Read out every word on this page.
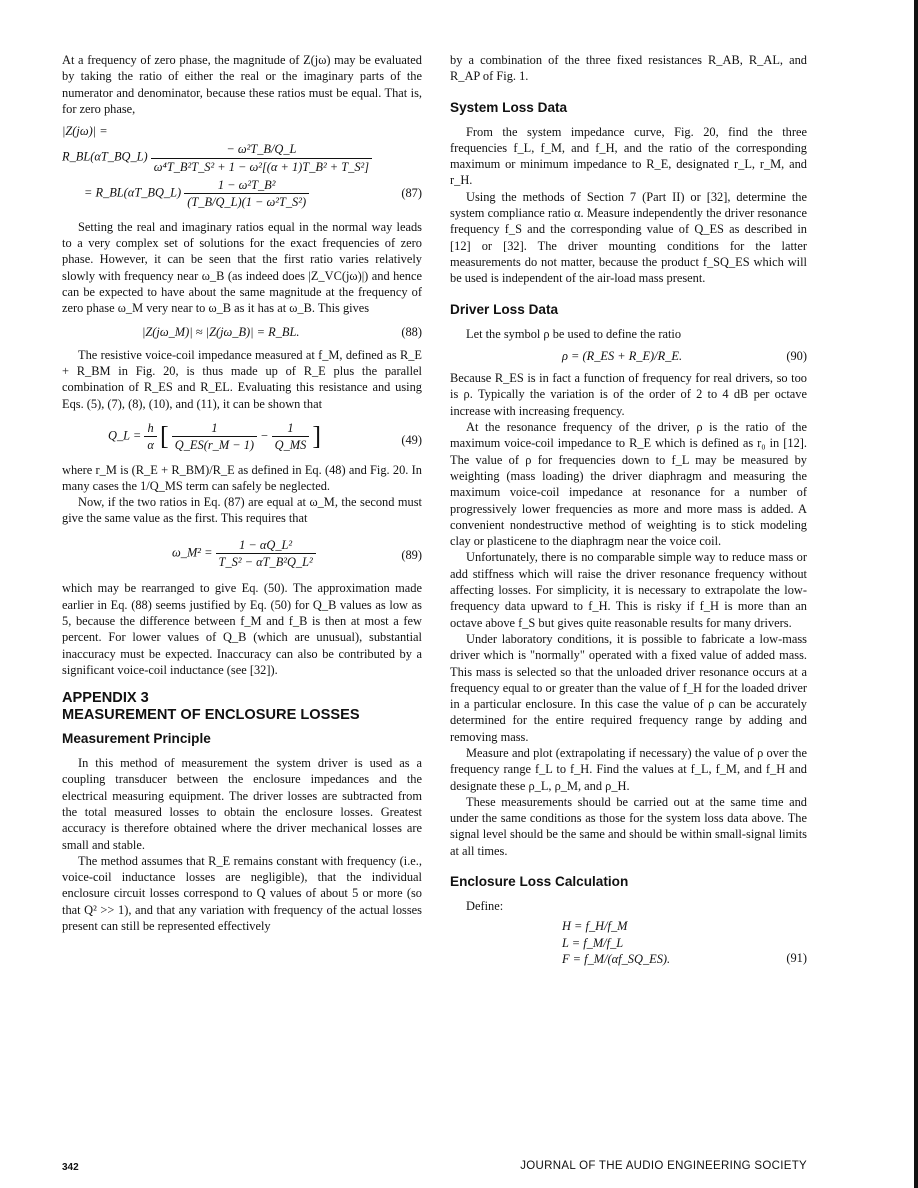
At a frequency of zero phase, the magnitude of Z(jω) may be evaluated by taking the ratio of either the real or the imaginary parts of the numerator and denominator, because these ratios must be equal. That is, for zero phase,

|Z(jω)| =
R_BL(αT_BQ_L) $\frac{\text{− ω²T\_B/Q\_L}}{\text{ω⁴T\_B²T\_S² + 1 − ω²[(α + 1)T\_B² + T\_S²]}}$
= R_BL(αT_BQ_L) $\frac{\text{1 − ω²T\_B²}}{\text{(T\_B/Q\_L)(1 − ω²T\_S²)}}$	(87)

Setting the real and imaginary ratios equal in the normal way leads to a very complex set of solutions for the exact frequencies of zero phase. However, it can be seen that the first ratio varies relatively slowly with frequency near ω_B (as indeed does |Z_VC(jω)|) and hence can be expected to have about the same magnitude at the frequency of zero phase ω_M very near to ω_B as it has at ω_B. This gives

|Z(jω_M)| ≈ |Z(jω_B)| = R_BL.	(88)

The resistive voice-coil impedance measured at f_M, defined as R_E + R_BM in Fig. 20, is thus made up of R_E plus the parallel combination of R_ES and R_EL. Evaluating this resistance and using Eqs. (5), (7), (8), (10), and (11), it can be shown that

Q_L = $\frac{h}{\alpha}$ [ $\frac{1}{Q\_ES(r\_M - 1)} - \frac{1}{Q\_MS}$ ]	(49)

where r_M is (R_E + R_BM)/R_E as defined in Eq. (48) and Fig. 20. In many cases the 1/Q_MS term can safely be neglected.

Now, if the two ratios in Eq. (87) are equal at ω_M, the second must give the same value as the first. This requires that

ω_M² = $\frac{\text{1 − αQ\_L²}}{\text{T\_S² − αT\_B²Q\_L²}}$	(89)

which may be rearranged to give Eq. (50). The approximation made earlier in Eq. (88) seems justified by Eq. (50) for Q_B values as low as 5, because the difference between f_M and f_B is then at most a few percent. For lower values of Q_B (which are unusual), substantial inaccuracy must be expected. Inaccuracy can also be contributed by a significant voice-coil inductance (see [32]).

APPENDIX 3
MEASUREMENT OF ENCLOSURE LOSSES
Measurement Principle

In this method of measurement the system driver is used as a coupling transducer between the enclosure impedances and the electrical measuring equipment. The driver losses are subtracted from the total measured losses to obtain the enclosure losses. Greatest accuracy is therefore obtained where the driver mechanical losses are small and stable.

The method assumes that R_E remains constant with frequency (i.e., voice-coil inductance losses are negligible), that the individual enclosure circuit losses correspond to Q values of about 5 or more (so that Q² >> 1), and that any variation with frequency of the actual losses present can still be represented effectively

by a combination of the three fixed resistances R_AB, R_AL, and R_AP of Fig. 1.

System Loss Data

From the system impedance curve, Fig. 20, find the three frequencies f_L, f_M, and f_H, and the ratio of the corresponding maximum or minimum impedance to R_E, designated r_L, r_M, and r_H.

Using the methods of Section 7 (Part II) or [32], determine the system compliance ratio α. Measure independently the driver resonance frequency f_S and the corresponding value of Q_ES as described in [12] or [32]. The driver mounting conditions for the latter measurements do not matter, because the product f_SQ_ES which will be used is independent of the air-load mass present.

Driver Loss Data

Let the symbol ρ be used to define the ratio

ρ = (R_ES + R_E)/R_E.	(90)

Because R_ES is in fact a function of frequency for real drivers, so too is ρ. Typically the variation is of the order of 2 to 4 dB per octave increase with increasing frequency.

At the resonance frequency of the driver, ρ is the ratio of the maximum voice-coil impedance to R_E which is defined as r₀ in [12]. The value of ρ for frequencies down to f_L may be measured by weighting (mass loading) the driver diaphragm and measuring the maximum voice-coil impedance at resonance for a number of progressively lower frequencies as more and more mass is added. A convenient nondestructive method of weighting is to stick modeling clay or plasticene to the diaphragm near the voice coil.

Unfortunately, there is no comparable simple way to reduce mass or add stiffness which will raise the driver resonance frequency without affecting losses. For simplicity, it is necessary to extrapolate the low-frequency data upward to f_H. This is risky if f_H is more than an octave above f_S but gives quite reasonable results for many drivers.

Under laboratory conditions, it is possible to fabricate a low-mass driver which is "normally" operated with a fixed value of added mass. This mass is selected so that the unloaded driver resonance occurs at a frequency equal to or greater than the value of f_H for the loaded driver in a particular enclosure. In this case the value of ρ can be accurately determined for the entire required frequency range by adding and removing mass.

Measure and plot (extrapolating if necessary) the value of ρ over the frequency range f_L to f_H. Find the values at f_L, f_M, and f_H and designate these ρ_L, ρ_M, and ρ_H.

These measurements should be carried out at the same time and under the same conditions as those for the system loss data above. The signal level should be the same and should be within small-signal limits at all times.

Enclosure Loss Calculation

Define:

H = f_H/f_M
L = f_M/f_L
F = f_M/(αf_SQ_ES).	(91)
342	JOURNAL OF THE AUDIO ENGINEERING SOCIETY
